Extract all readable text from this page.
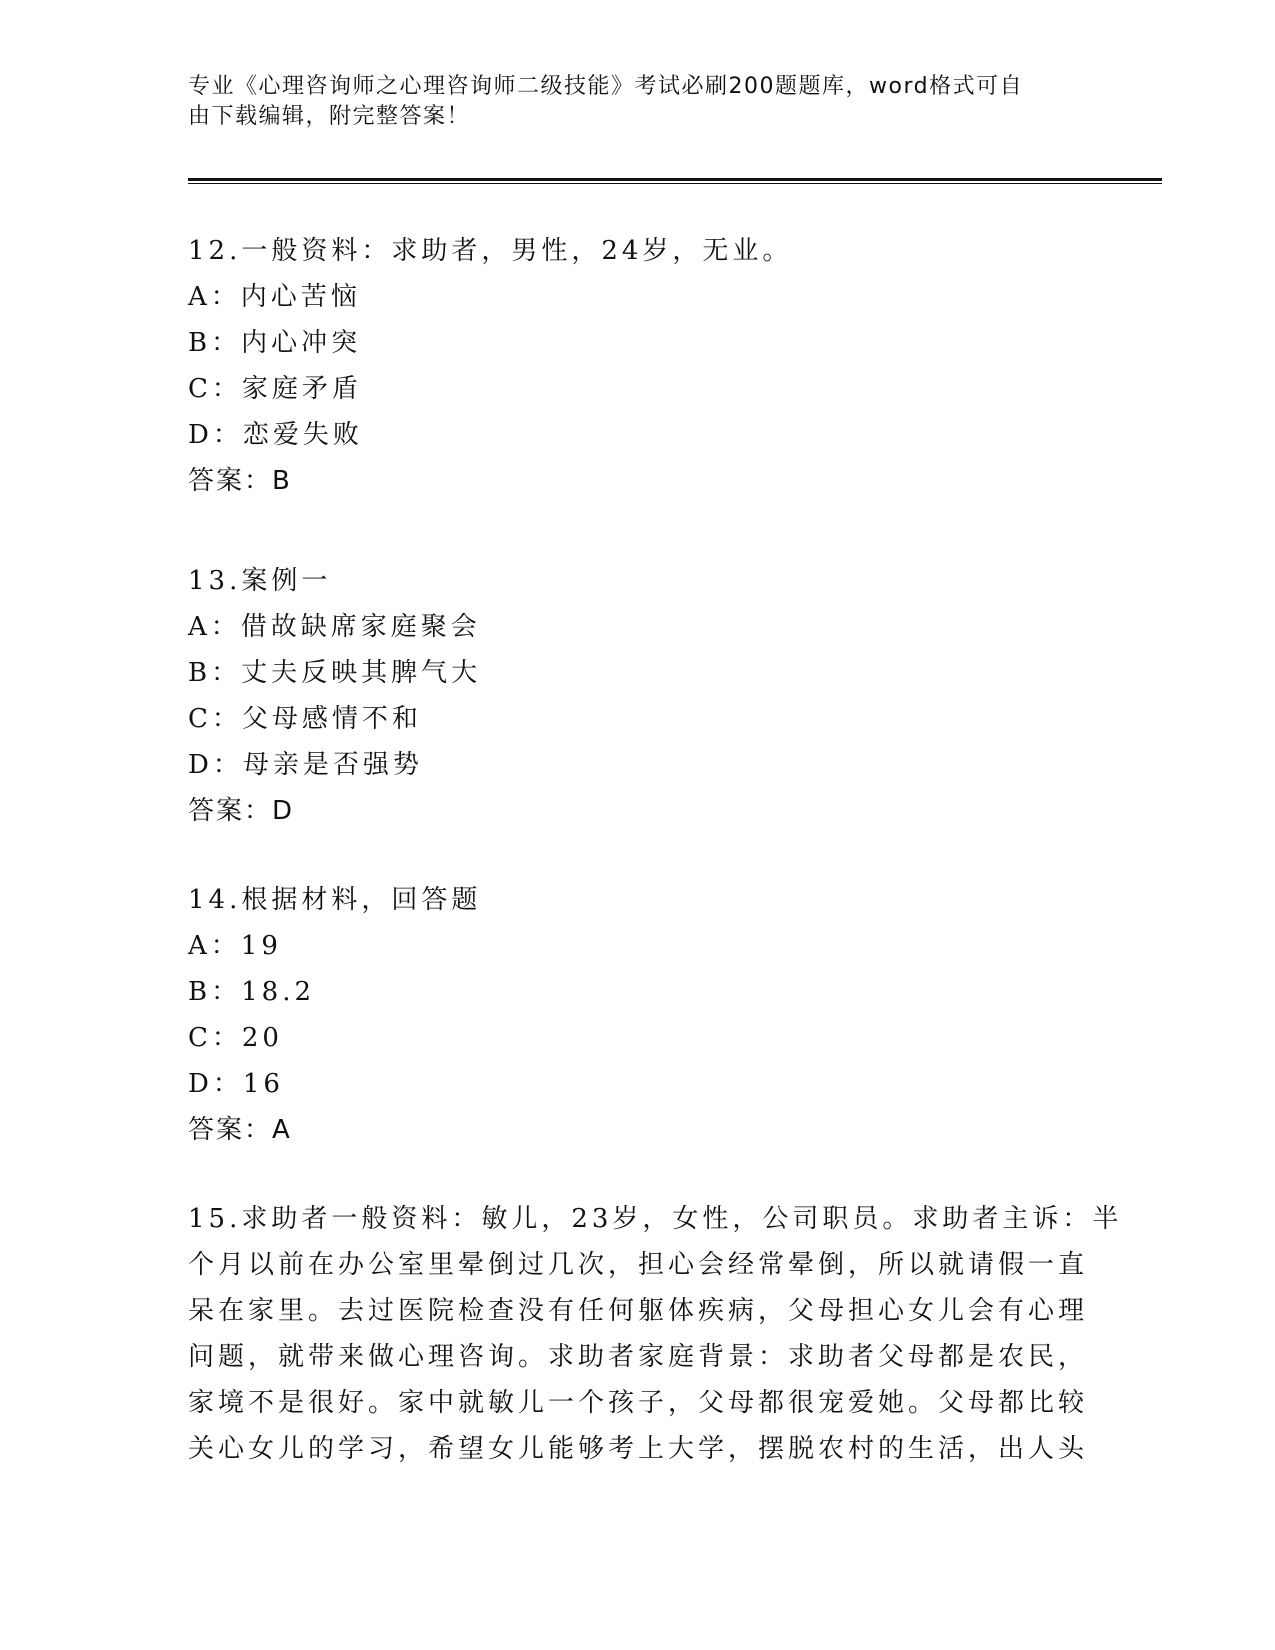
专业《心理咨询师之心理咨询师二级技能》考试必刷200题题库，word格式可自
由下载编辑，附完整答案！
12.一般资料：求助者，男性，24岁，无业。
A：内心苦恼
B：内心冲突
C：家庭矛盾
D：恋爱失败
答案：B
13.案例一
A：借故缺席家庭聚会
B：丈夫反映其脾气大
C：父母感情不和
D：母亲是否强势
答案：D
14.根据材料，回答题
A：19
B：18.2
C：20
D：16
答案：A
15.求助者一般资料：敏儿，23岁，女性，公司职员。求助者主诉：半
个月以前在办公室里晕倒过几次，担心会经常晕倒，所以就请假一直
呆在家里。去过医院检查没有任何躯体疾病，父母担心女儿会有心理
问题，就带来做心理咨询。求助者家庭背景：求助者父母都是农民，
家境不是很好。家中就敏儿一个孩子，父母都很宠爱她。父母都比较
关心女儿的学习，希望女儿能够考上大学，摆脱农村的生活，出人头
